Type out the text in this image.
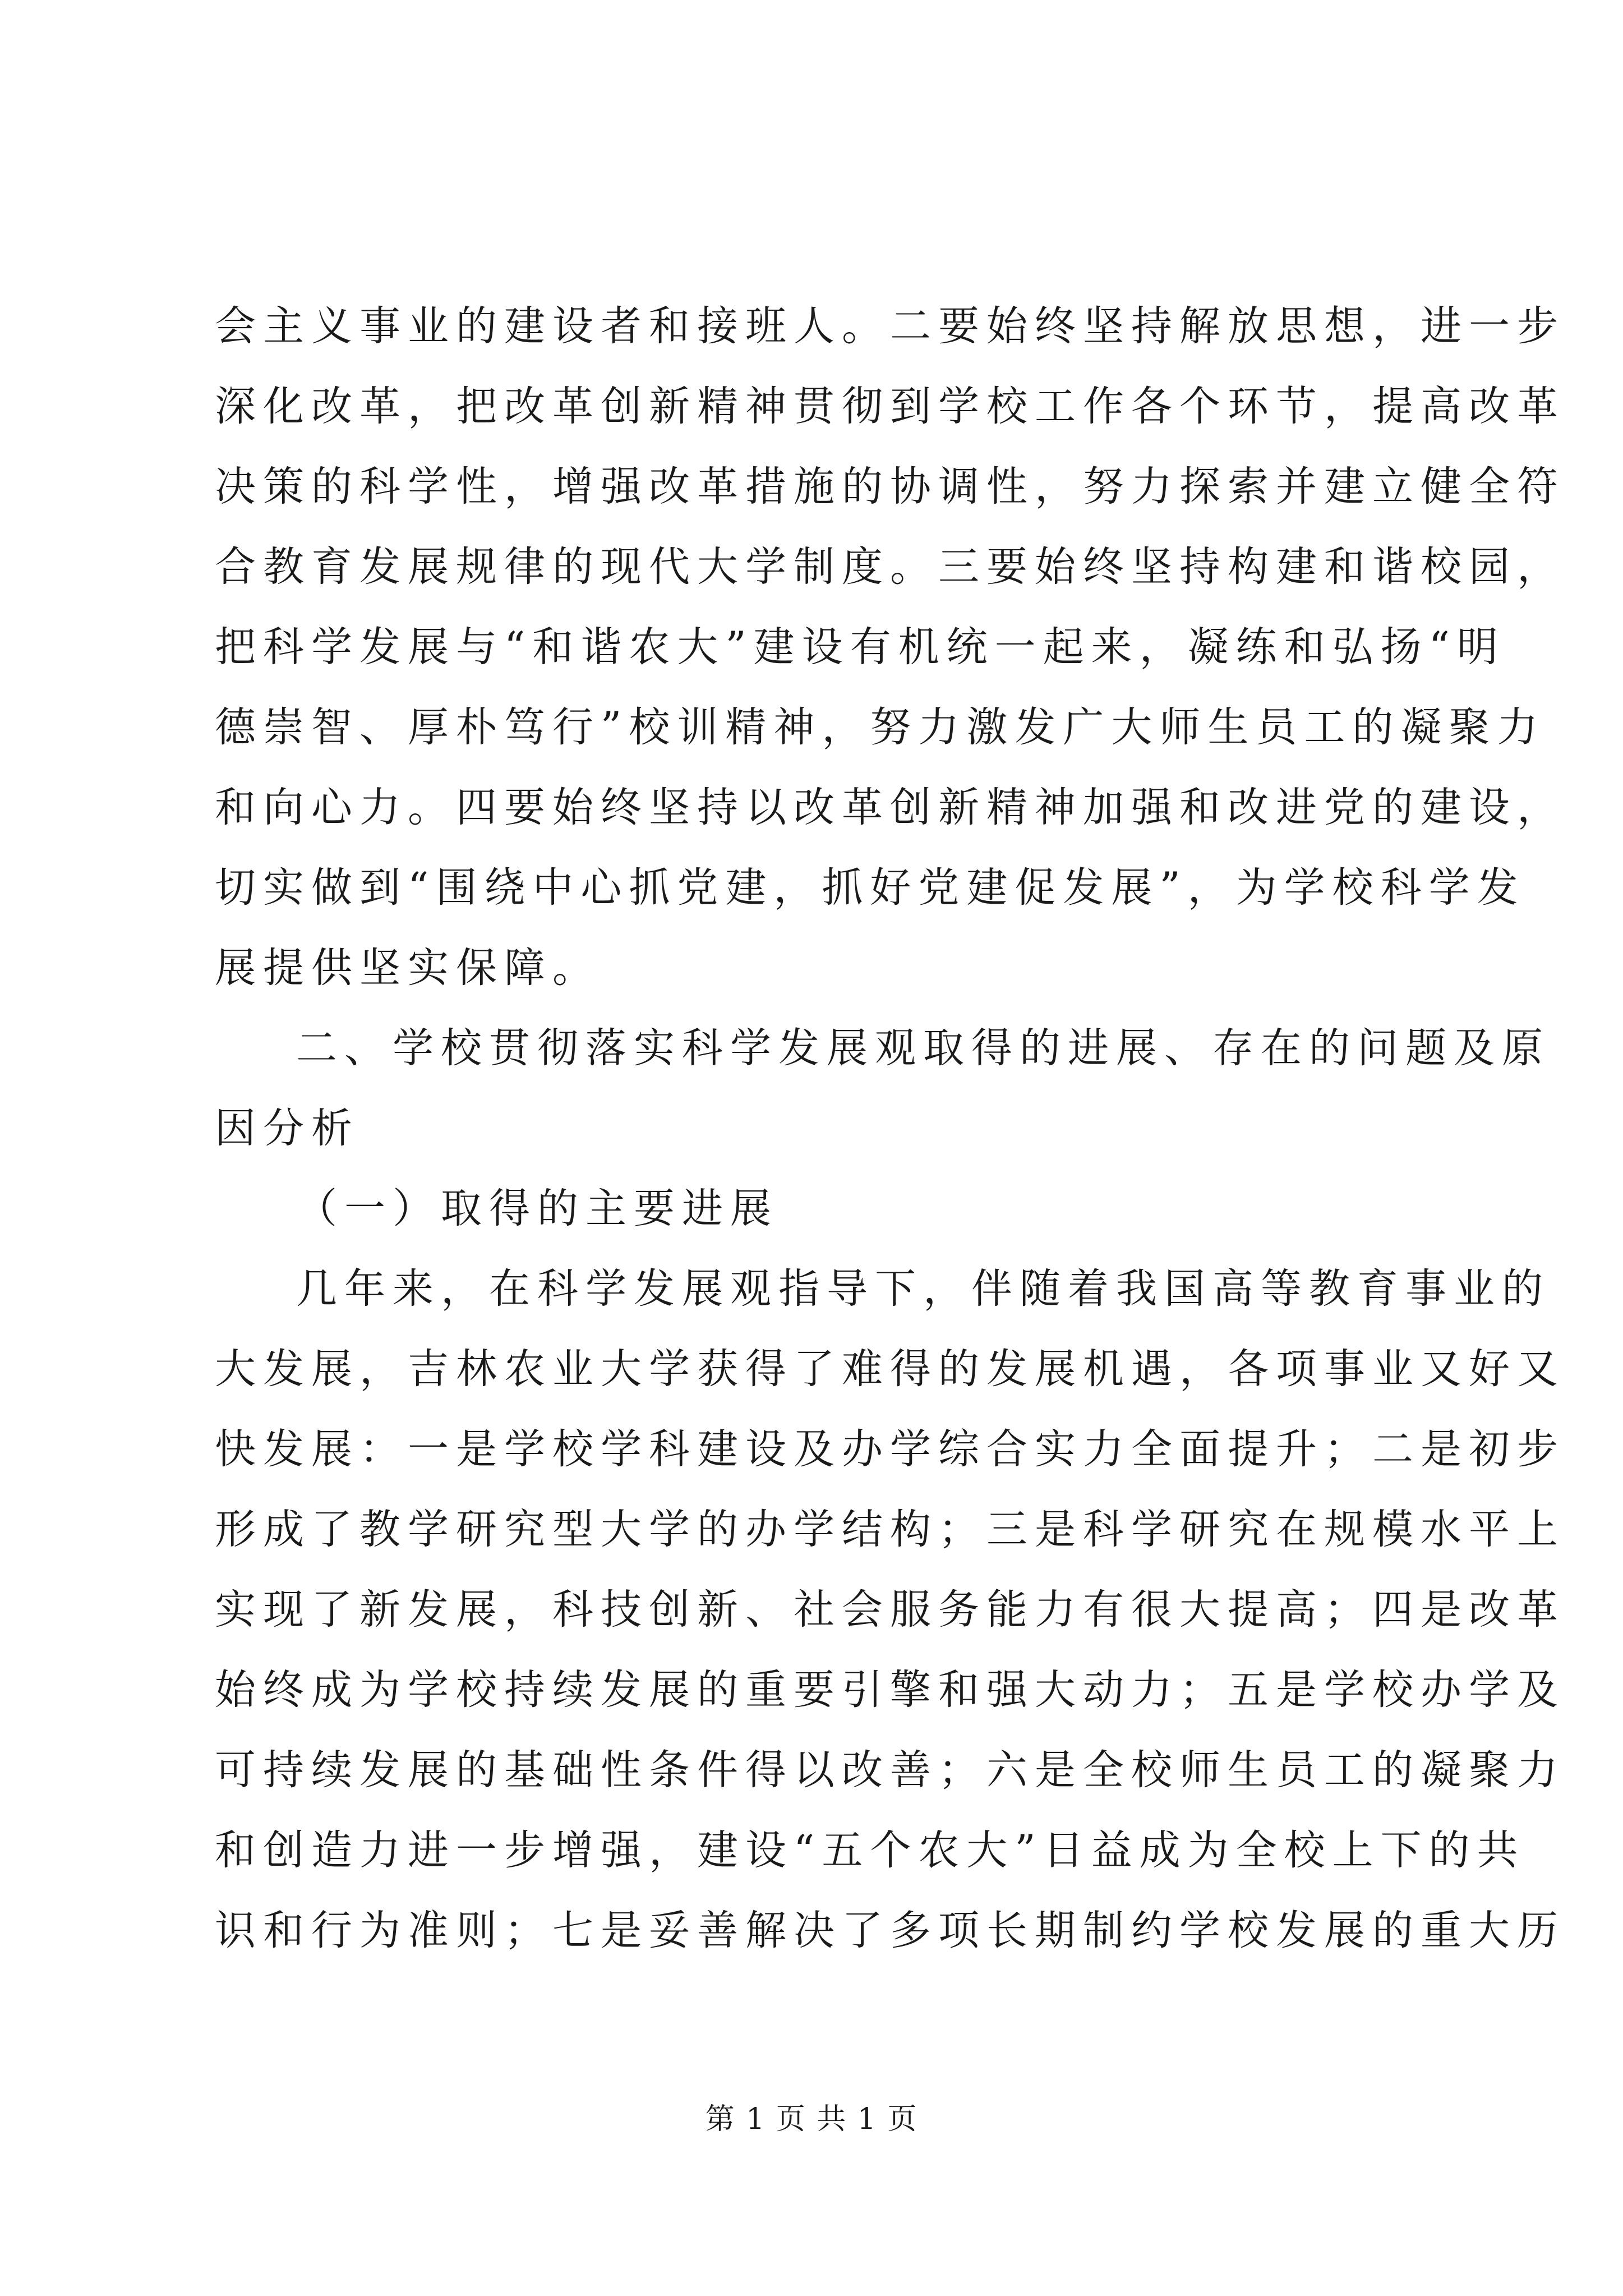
会主义事业的建设者和接班人。二要始终坚持解放思想，进一步
深化改革，把改革创新精神贯彻到学校工作各个环节，提高改革
决策的科学性，增强改革措施的协调性，努力探索并建立健全符
合教育发展规律的现代大学制度。三要始终坚持构建和谐校园，
把科学发展与“和谐农大”建设有机统一起来，凝练和弘扬“明
德崇智、厚朴笃行”校训精神，努力激发广大师生员工的凝聚力
和向心力。四要始终坚持以改革创新精神加强和改进党的建设，
切实做到“围绕中心抓党建，抓好党建促发展”，为学校科学发
展提供坚实保障。
二、学校贯彻落实科学发展观取得的进展、存在的问题及原
因分析
（一）取得的主要进展
几年来，在科学发展观指导下，伴随着我国高等教育事业的
大发展，吉林农业大学获得了难得的发展机遇，各项事业又好又
快发展：一是学校学科建设及办学综合实力全面提升；二是初步
形成了教学研究型大学的办学结构；三是科学研究在规模水平上
实现了新发展，科技创新、社会服务能力有很大提高；四是改革
始终成为学校持续发展的重要引擎和强大动力；五是学校办学及
可持续发展的基础性条件得以改善；六是全校师生员工的凝聚力
和创造力进一步增强，建设“五个农大”日益成为全校上下的共
识和行为准则；七是妥善解决了多项长期制约学校发展的重大历
第 1 页 共 1 页
